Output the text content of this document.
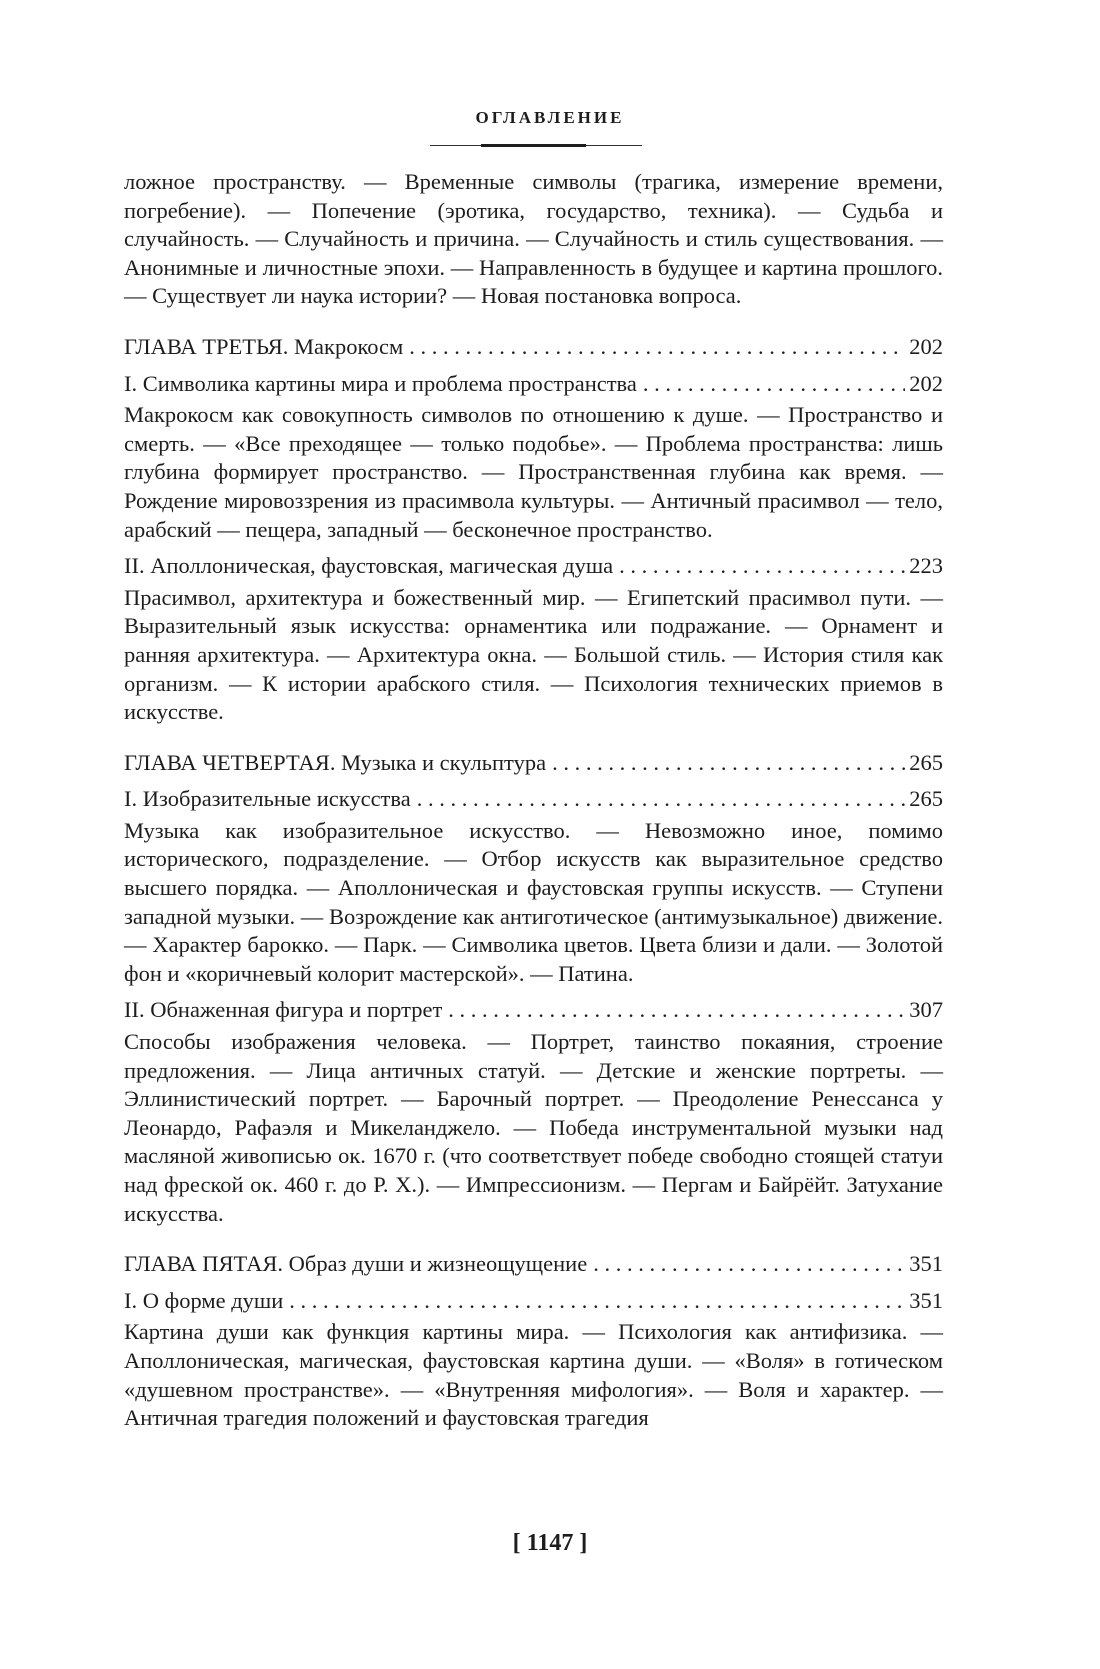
ОГЛАВЛЕНИЕ

ложное пространству. — Временные символы (трагика, измерение времени, погребение). — Попечение (эротика, государство, техника). — Судьба и случайность. — Случайность и причина. — Случайность и стиль существования. — Анонимные и личностные эпохи. — Направленность в будущее и картина прошлого. — Существует ли наука истории? — Новая постановка вопроса.

ГЛАВА ТРЕТЬЯ. Макрокосм . . .	202
I. Символика картины мира и проблема пространства . . .	202

Макрокосм как совокупность символов по отношению к душе. — Пространство и смерть. — «Все преходящее — только подобье». — Проблема пространства: лишь глубина формирует пространство. — Пространственная глубина как время. — Рождение мировоззрения из прасимвола культуры. — Античный прасимвол — тело, арабский — пещера, западный — бесконечное пространство.

II. Аполлоническая, фаустовская, магическая душа . . .	223

Прасимвол, архитектура и божественный мир. — Египетский прасимвол пути. — Выразительный язык искусства: орнаментика или подражание. — Орнамент и ранняя архитектура. — Архитектура окна. — Большой стиль. — История стиля как организм. — К истории арабского стиля. — Психология технических приемов в искусстве.

ГЛАВА ЧЕТВЕРТАЯ. Музыка и скульптура . . .	265
I. Изобразительные искусства . . .	265

Музыка как изобразительное искусство. — Невозможно иное, помимо исторического, подразделение. — Отбор искусств как выразительное средство высшего порядка. — Аполлоническая и фаустовская группы искусств. — Ступени западной музыки. — Возрождение как антиготическое (антимузыкальное) движение. — Характер барокко. — Парк. — Символика цветов. Цвета близи и дали. — Золотой фон и «коричневый колорит мастерской». — Патина.

II. Обнаженная фигура и портрет . . .	307

Способы изображения человека. — Портрет, таинство покаяния, строение предложения. — Лица античных статуй. — Детские и женские портреты. — Эллинистический портрет. — Барочный портрет. — Преодоление Ренессанса у Леонардо, Рафаэля и Микеланджело. — Победа инструментальной музыки над масляной живописью ок. 1670 г. (что соответствует победе свободно стоящей статуи над фреской ок. 460 г. до Р. Х.). — Импрессионизм. — Пергам и Байрёйт. Затухание искусства.

ГЛАВА ПЯТАЯ. Образ души и жизнеощущение . . .	351
I. О форме души . . .	351

Картина души как функция картины мира. — Психология как антифизика. — Аполлоническая, магическая, фаустовская картина души. — «Воля» в готическом «душевном пространстве». — «Внутренняя мифология». — Воля и характер. — Античная трагедия положений и фаустовская трагедия

[ 1147 ]
